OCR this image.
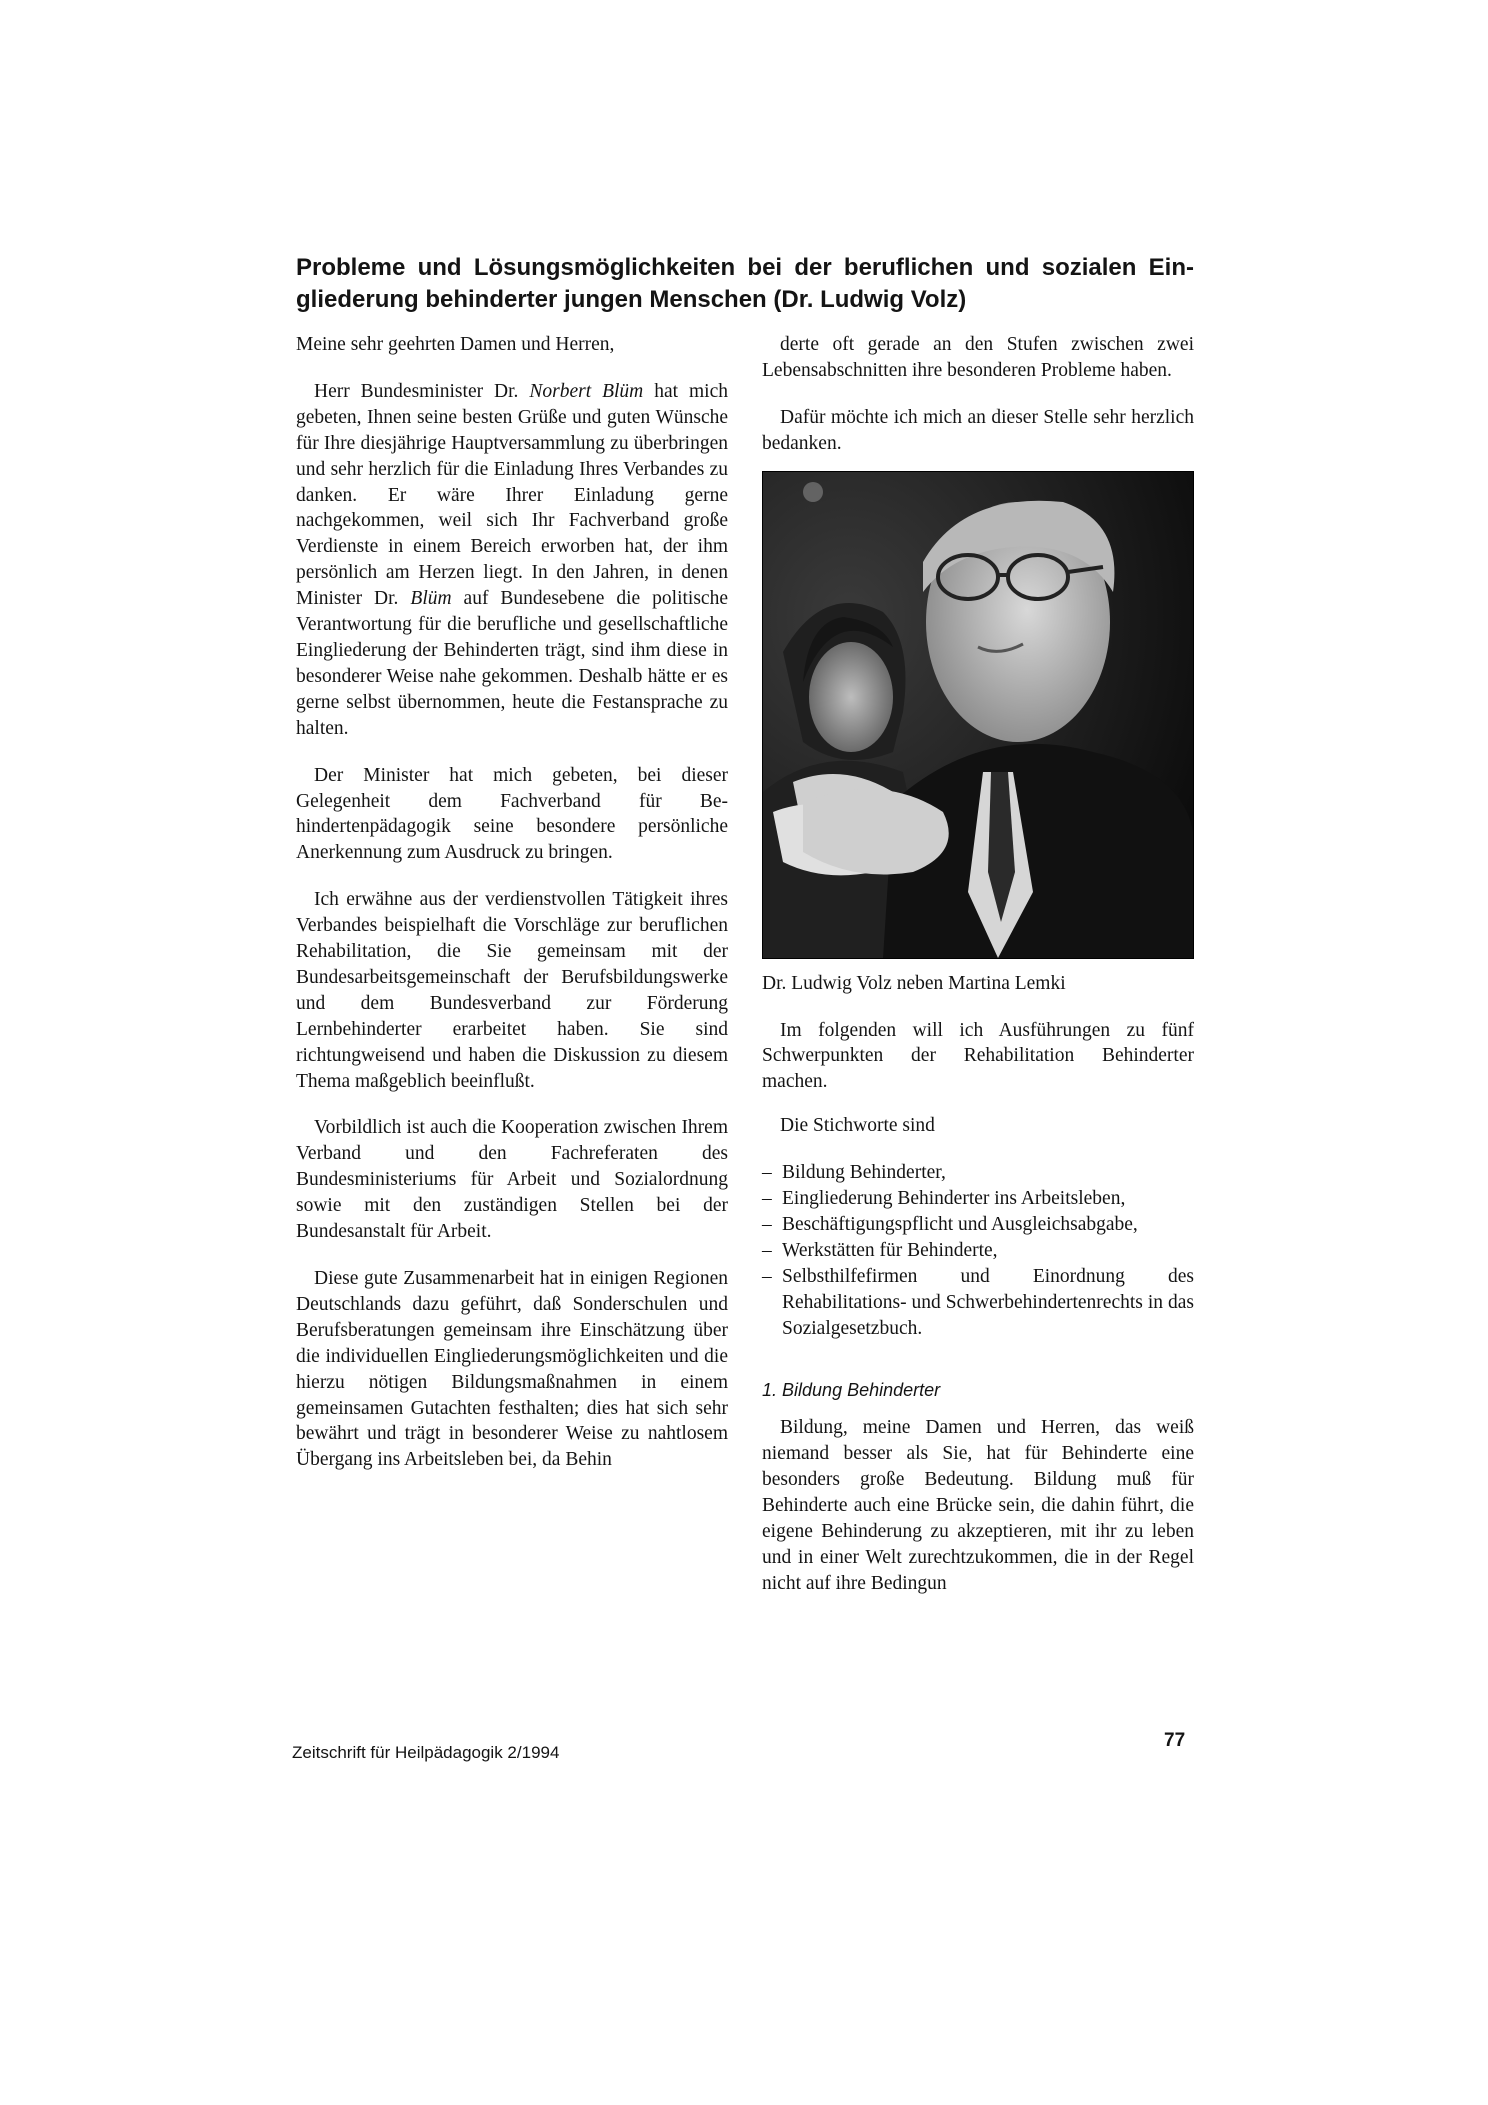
Probleme und Lösungsmöglichkeiten bei der beruflichen und sozialen Eingliederung behinderter jungen Menschen (Dr. Ludwig Volz)

Meine sehr geehrten Damen und Herren,

Herr Bundesminister Dr. Norbert Blüm hat mich gebeten, Ihnen seine besten Grüße und guten Wünsche für Ihre diesjährige Hauptversammlung zu überbringen und sehr herzlich für die Einladung Ihres Verbandes zu danken. Er wäre Ihrer Einladung gerne nachgekommen, weil sich Ihr Fachverband große Verdienste in einem Bereich erworben hat, der ihm persönlich am Herzen liegt. In den Jahren, in denen Minister Dr. Blüm auf Bundesebene die politische Verantwortung für die berufliche und gesellschaftliche Eingliederung der Behinderten trägt, sind ihm diese in besonderer Weise nahe gekommen. Deshalb hätte er es gerne selbst übernommen, heute die Festansprache zu halten.

Der Minister hat mich gebeten, bei dieser Gelegenheit dem Fachverband für Behindertenpädagogik seine besondere persönliche Anerkennung zum Ausdruck zu bringen.

Ich erwähne aus der verdienstvollen Tätigkeit ihres Verbandes beispielhaft die Vorschläge zur beruflichen Rehabilitation, die Sie gemeinsam mit der Bundesarbeitsgemeinschaft der Berufsbildungswerke und dem Bundesverband zur Förderung Lernbehinderter erarbeitet haben. Sie sind richtungweisend und haben die Diskussion zu diesem Thema maßgeblich beeinflußt.

Vorbildlich ist auch die Kooperation zwischen Ihrem Verband und den Fachreferaten des Bundesministeriums für Arbeit und Sozialordnung sowie mit den zuständigen Stellen bei der Bundesanstalt für Arbeit.

Diese gute Zusammenarbeit hat in einigen Regionen Deutschlands dazu geführt, daß Sonderschulen und Berufsberatungen gemeinsam ihre Einschätzung über die individuellen Eingliederungsmöglichkeiten und die hierzu nötigen Bildungsmaßnahmen in einem gemeinsamen Gutachten festhalten; dies hat sich sehr bewährt und trägt in besonderer Weise zu nahtlosem Übergang ins Arbeitsleben bei, da Behin

derte oft gerade an den Stufen zwischen zwei Lebensabschnitten ihre besonderen Probleme haben.

Dafür möchte ich mich an dieser Stelle sehr herzlich bedanken.

Dr. Ludwig Volz neben Martina Lemki

Im folgenden will ich Ausführungen zu fünf Schwerpunkten der Rehabilitation Behinderter machen.

Die Stichworte sind

– Bildung Behinderter,
– Eingliederung Behinderter ins Arbeitsleben,
– Beschäftigungspflicht und Ausgleichsabgabe,
– Werkstätten für Behinderte,
– Selbsthilfefirmen und Einordnung des Rehabilitations- und Schwerbehindertenrechts in das Sozialgesetzbuch.

1. Bildung Behinderter

Bildung, meine Damen und Herren, das weiß niemand besser als Sie, hat für Behinderte eine besonders große Bedeutung. Bildung muß für Behinderte auch eine Brücke sein, die dahin führt, die eigene Behinderung zu akzeptieren, mit ihr zu leben und in einer Welt zurechtzukommen, die in der Regel nicht auf ihre Bedingun

Zeitschrift für Heilpädagogik 2/1994
77
